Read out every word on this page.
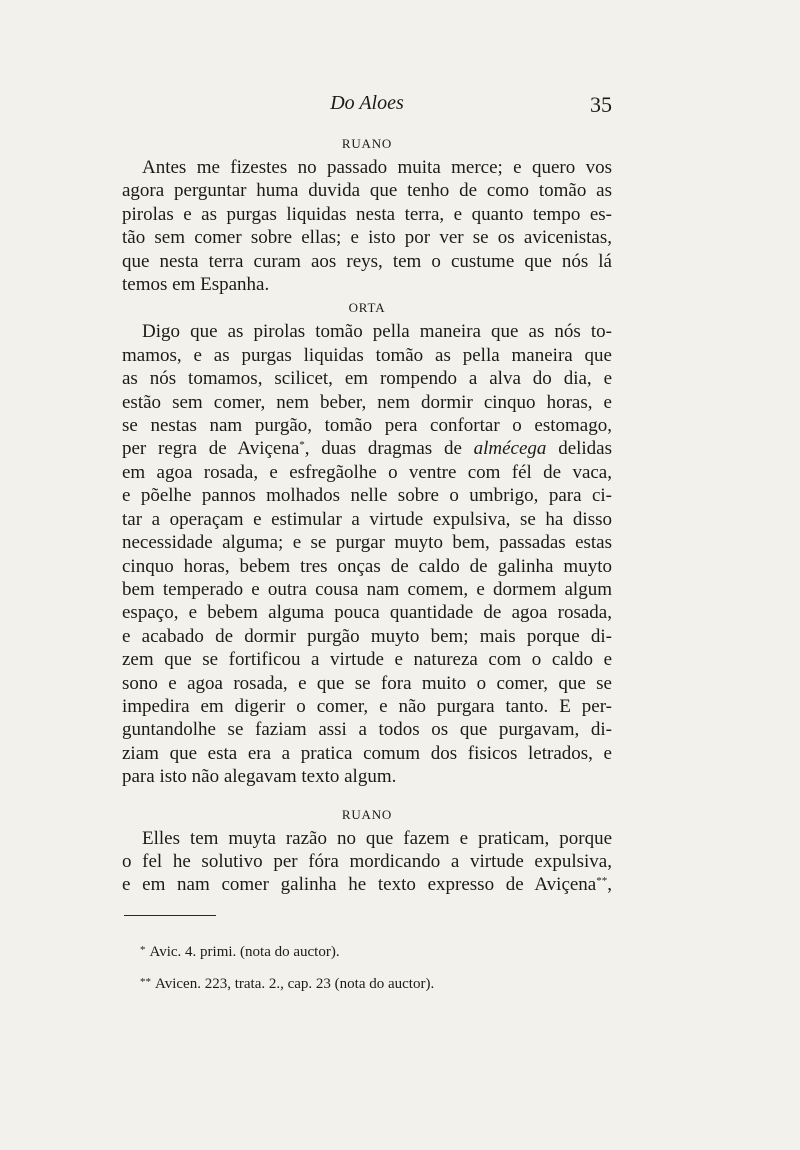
Do Aloes	35

RUANO

Antes me fizestes no passado muita merce; e quero vos
agora perguntar huma duvida que tenho de como tomão as
pirolas e as purgas liquidas nesta terra, e quanto tempo es-
tão sem comer sobre ellas; e isto por ver se os avicenistas,
que nesta terra curam aos reys, tem o custume que nós lá
temos em Espanha.

ORTA

Digo que as pirolas tomão pella maneira que as nós to-
mamos, e as purgas liquidas tomão as pella maneira que
as nós tomamos, scilicet, em rompendo a alva do dia, e
estão sem comer, nem beber, nem dormir cinquo horas, e
se nestas nam purgão, tomão pera confortar o estomago,
per regra de Aviçena*, duas dragmas de almécega delidas
em agoa rosada, e esfregãolhe o ventre com fél de vaca,
e põelhe pannos molhados nelle sobre o umbrigo, para ci-
tar a operaçam e estimular a virtude expulsiva, se ha disso
necessidade alguma; e se purgar muyto bem, passadas estas
cinquo horas, bebem tres onças de caldo de galinha muyto
bem temperado e outra cousa nam comem, e dormem algum
espaço, e bebem alguma pouca quantidade de agoa rosada,
e acabado de dormir purgão muyto bem; mais porque di-
zem que se fortificou a virtude e natureza com o caldo e
sono e agoa rosada, e que se fora muito o comer, que se
impedira em digerir o comer, e não purgara tanto. E per-
guntandolhe se faziam assi a todos os que purgavam, di-
ziam que esta era a pratica comum dos fisicos letrados, e
para isto não alegavam texto algum.

RUANO

Elles tem muyta razão no que fazem e praticam, porque
o fel he solutivo per fóra mordicando a virtude expulsiva,
e em nam comer galinha he texto expresso de Aviçena**,
* Avic. 4. primi. (nota do auctor).
** Avicen. 223, trata. 2., cap. 23 (nota do auctor).
